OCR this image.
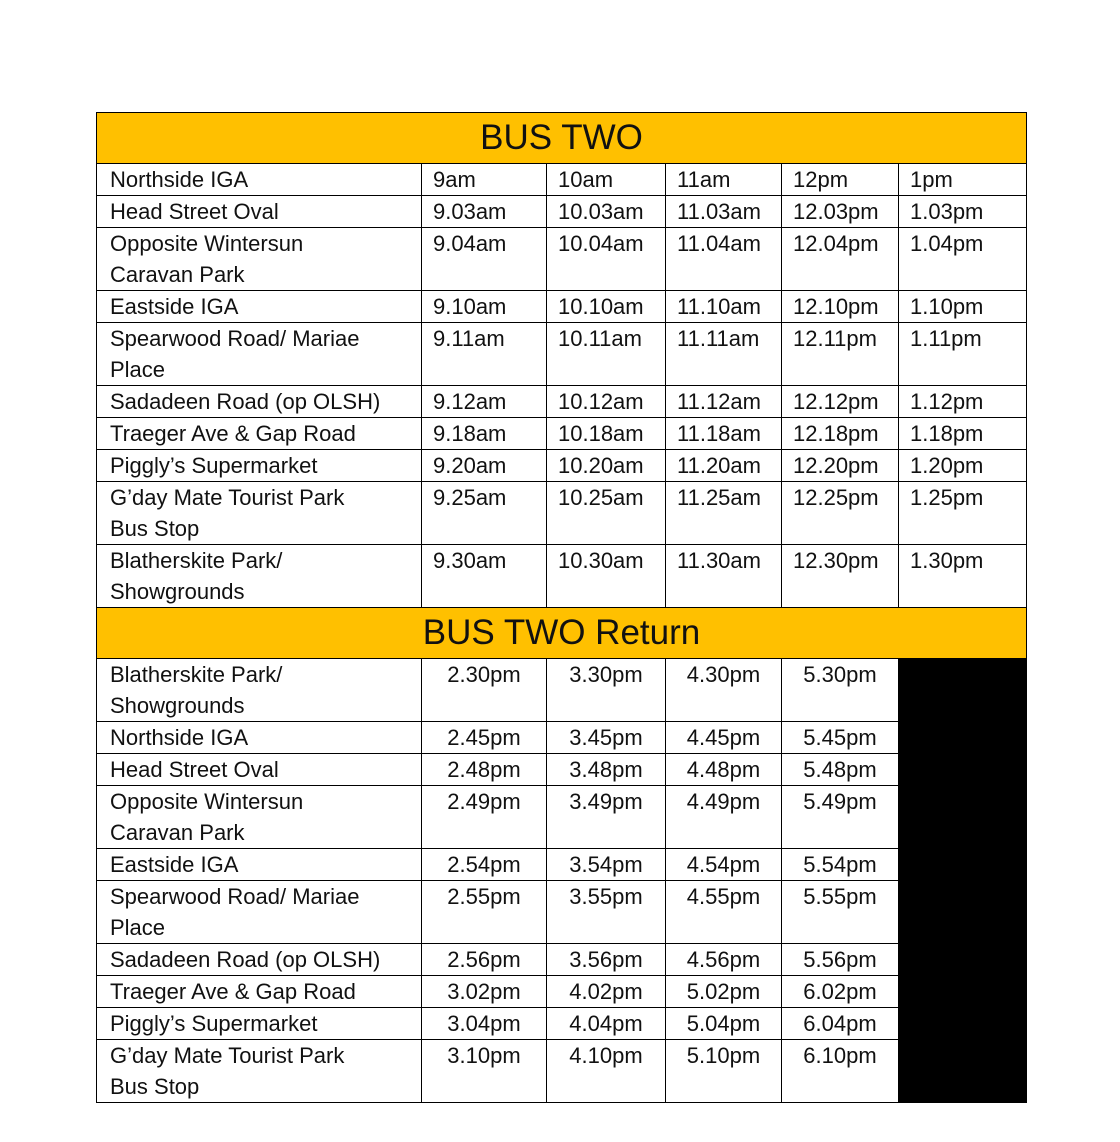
BUS TWO					
Northside IGA	9am	10am	11am	12pm	1pm
Head Street Oval	9.03am	10.03am	11.03am	12.03pm	1.03pm
Opposite Wintersun
Caravan Park	9.04am	10.04am	11.04am	12.04pm	1.04pm
Eastside IGA	9.10am	10.10am	11.10am	12.10pm	1.10pm
Spearwood Road/ Mariae
Place	9.11am	10.11am	11.11am	12.11pm	1.11pm
Sadadeen Road (op OLSH)	9.12am	10.12am	11.12am	12.12pm	1.12pm
Traeger Ave & Gap Road	9.18am	10.18am	11.18am	12.18pm	1.18pm
Piggly’s Supermarket	9.20am	10.20am	11.20am	12.20pm	1.20pm
G’day Mate Tourist Park
Bus Stop	9.25am	10.25am	11.25am	12.25pm	1.25pm
Blatherskite Park/
Showgrounds	9.30am	10.30am	11.30am	12.30pm	1.30pm
BUS TWO Return					
Blatherskite Park/
Showgrounds	2.30pm	3.30pm	4.30pm	5.30pm	
Northside IGA	2.45pm	3.45pm	4.45pm	5.45pm	
Head Street Oval	2.48pm	3.48pm	4.48pm	5.48pm	
Opposite Wintersun
Caravan Park	2.49pm	3.49pm	4.49pm	5.49pm	
Eastside IGA	2.54pm	3.54pm	4.54pm	5.54pm	
Spearwood Road/ Mariae
Place	2.55pm	3.55pm	4.55pm	5.55pm	
Sadadeen Road (op OLSH)	2.56pm	3.56pm	4.56pm	5.56pm	
Traeger Ave & Gap Road	3.02pm	4.02pm	5.02pm	6.02pm	
Piggly’s Supermarket	3.04pm	4.04pm	5.04pm	6.04pm	
G’day Mate Tourist Park
Bus Stop	3.10pm	4.10pm	5.10pm	6.10pm	
